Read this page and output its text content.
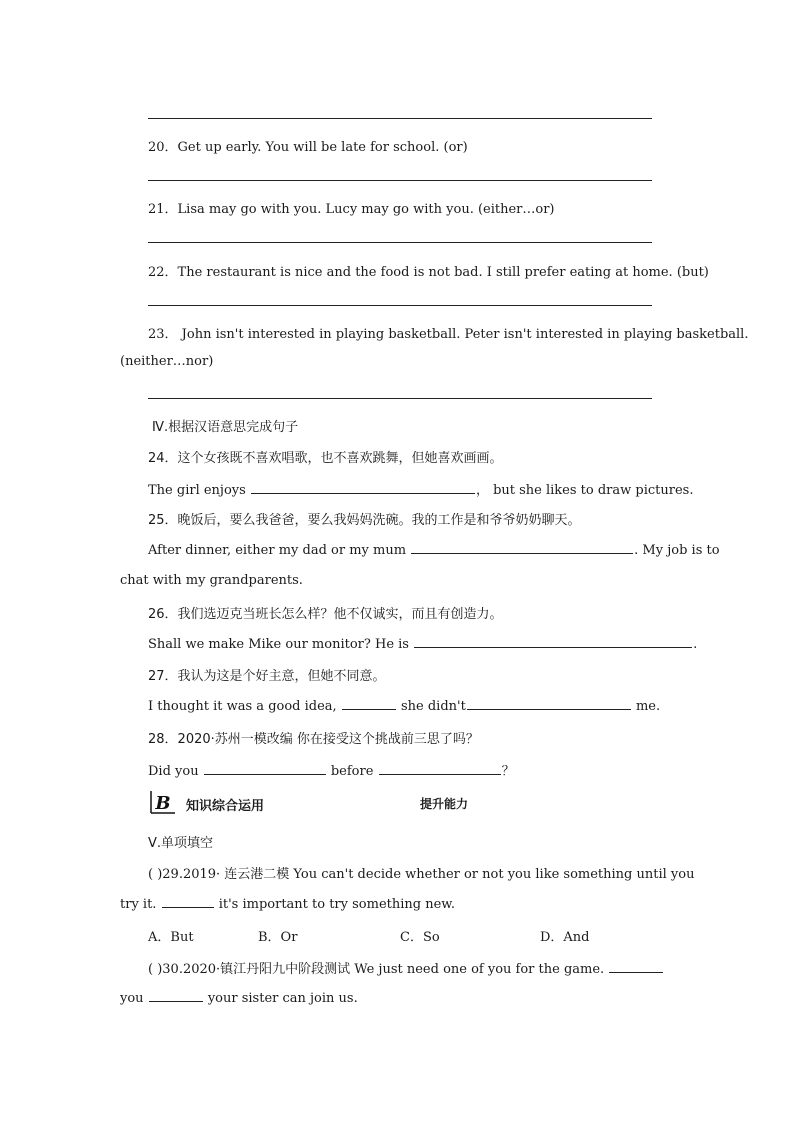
20．Get up early. You will be late for school. (or)
21．Lisa may go with you. Lucy may go with you. (either…or)
22．The restaurant is nice and the food is not bad. I still prefer eating at home. (but)
23． John isn't interested in playing basketball. Peter isn't interested in playing basketball.
(neither…nor)
Ⅳ.根据汉语意思完成句子
24．这个女孩既不喜欢唱歌，也不喜欢跳舞，但她喜欢画画。
The girl enjoys	， but she likes to draw pictures.
25．晚饭后，要么我爸爸，要么我妈妈洗碗。我的工作是和爷爷奶奶聊天。
After dinner, either my dad or my mum	. My job is to
chat with my grandparents.
26．我们选迈克当班长怎么样？他不仅诚实，而且有创造力。
Shall we make Mike our monitor? He is	.
27．我认为这是个好主意，但她不同意。
I thought it was a good idea,	she didn't	me.
28．2020·苏州一模改编 你在接受这个挑战前三思了吗？
Did you	before	？
B 知识综合运用	提升能力
Ⅴ.单项填空
( )29.2019· 连云港二模 You can't decide whether or not you like something until you
try it.	it's important to try something new.
A．But	B．Or	C．So	D．And
( )30.2020·镇江丹阳九中阶段测试 We just need one of you for the game.
you	your sister can join us.
